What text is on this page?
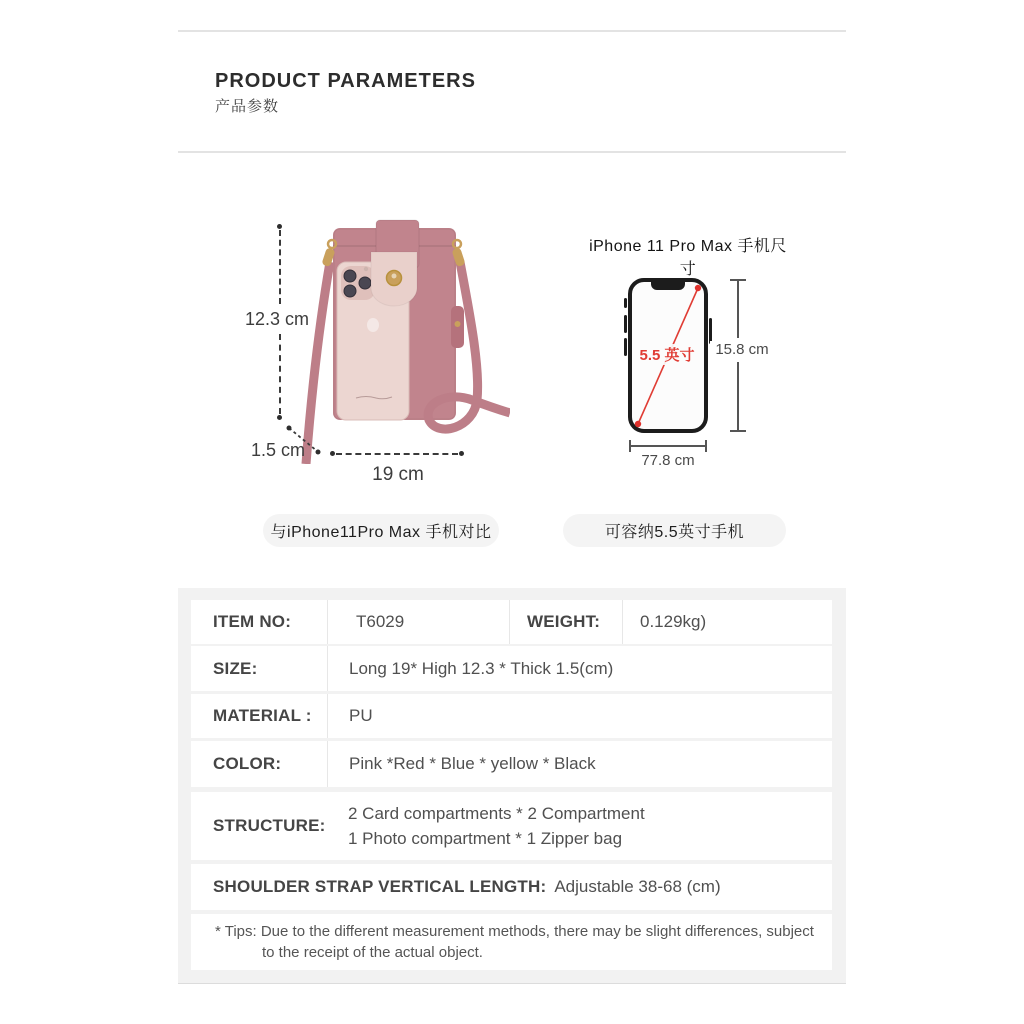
PRODUCT PARAMETERS
产品参数
12.3 cm
1.5 cm
19 cm
iPhone 11 Pro Max 手机尺寸
5.5 英寸	15.8 cm
77.8 cm
与iPhone11Pro Max 手机对比	可容纳5.5英寸手机
ITEM NO:	T6029	WEIGHT:	0.129kg)
SIZE:	Long 19* High 12.3 * Thick 1.5(cm)
MATERIAL :	PU
COLOR:	Pink *Red * Blue * yellow * Black
STRUCTURE:
2 Card compartments * 2 Compartment
1 Photo compartment * 1 Zipper bag
SHOULDER STRAP VERTICAL LENGTH: Adjustable 38-68 (cm)
* Tips: Due to the different measurement methods, there may be slight differences, subject to the receipt of the actual object.
